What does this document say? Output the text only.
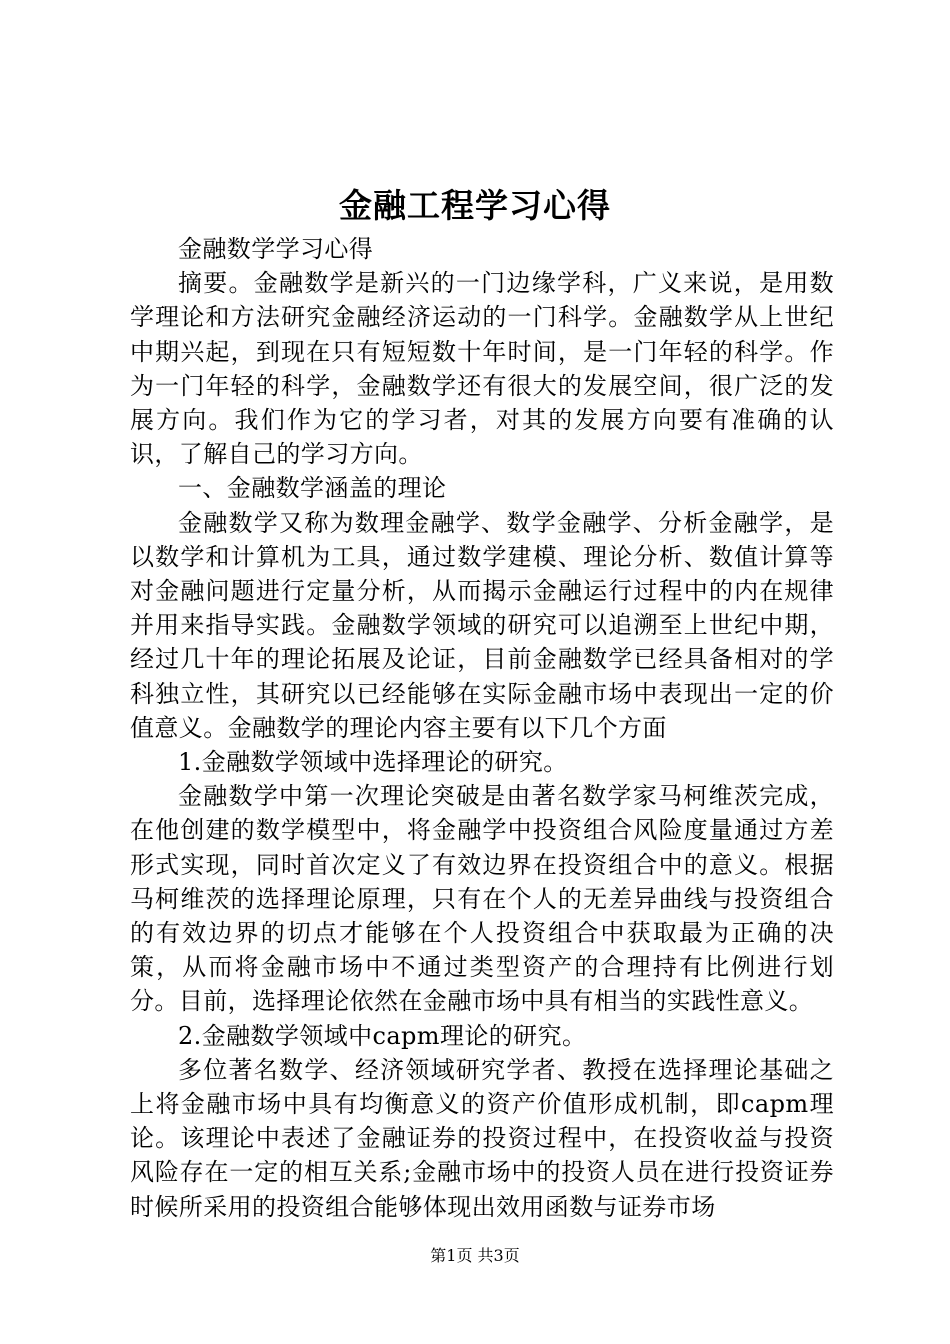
金融工程学习心得

金融数学学习心得

摘要。金融数学是新兴的一门边缘学科，广义来说，是用数学理论和方法研究金融经济运动的一门科学。金融数学从上世纪中期兴起，到现在只有短短数十年时间，是一门年轻的科学。作为一门年轻的科学，金融数学还有很大的发展空间，很广泛的发展方向。我们作为它的学习者，对其的发展方向要有准确的认识，了解自己的学习方向。

一、金融数学涵盖的理论

金融数学又称为数理金融学、数学金融学、分析金融学，是以数学和计算机为工具，通过数学建模、理论分析、数值计算等对金融问题进行定量分析，从而揭示金融运行过程中的内在规律并用来指导实践。金融数学领域的研究可以追溯至上世纪中期，经过几十年的理论拓展及论证，目前金融数学已经具备相对的学科独立性，其研究以已经能够在实际金融市场中表现出一定的价值意义。金融数学的理论内容主要有以下几个方面

1.金融数学领域中选择理论的研究。

金融数学中第一次理论突破是由著名数学家马柯维茨完成，在他创建的数学模型中，将金融学中投资组合风险度量通过方差形式实现，同时首次定义了有效边界在投资组合中的意义。根据马柯维茨的选择理论原理，只有在个人的无差异曲线与投资组合的有效边界的切点才能够在个人投资组合中获取最为正确的决策，从而将金融市场中不通过类型资产的合理持有比例进行划分。目前，选择理论依然在金融市场中具有相当的实践性意义。

2.金融数学领域中capm理论的研究。

多位著名数学、经济领域研究学者、教授在选择理论基础之上将金融市场中具有均衡意义的资产价值形成机制，即capm理论。该理论中表述了金融证券的投资过程中，在投资收益与投资风险存在一定的相互关系;金融市场中的投资人员在进行投资证券时候所采用的投资组合能够体现出效用函数与证券市场

第1页 共3页
